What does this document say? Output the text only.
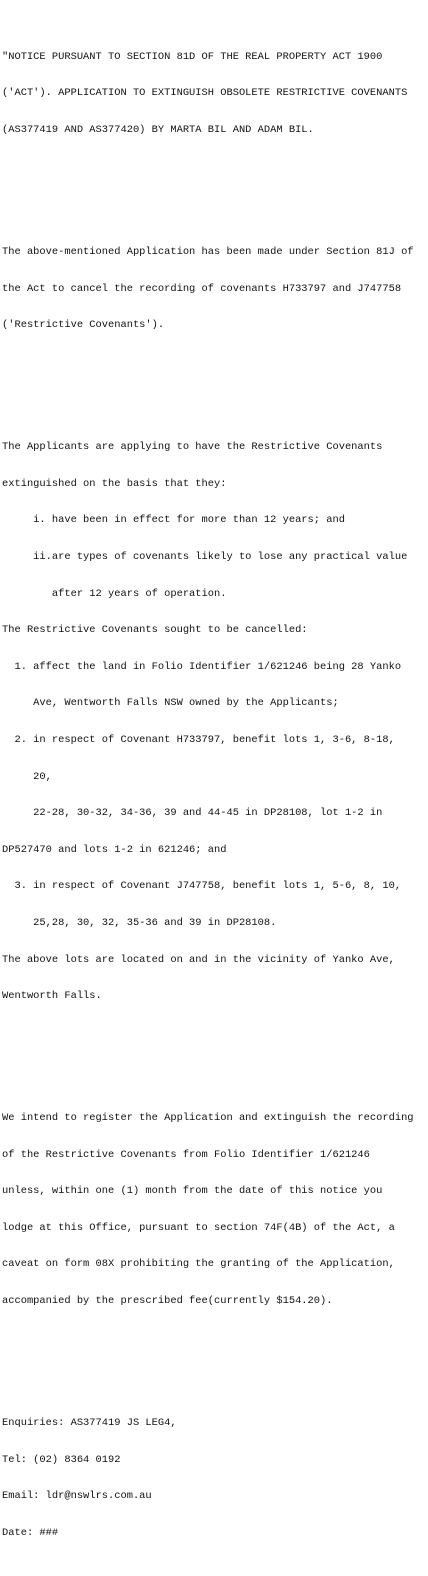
"NOTICE PURSUANT TO SECTION 81D OF THE REAL PROPERTY ACT 1900

('ACT'). APPLICATION TO EXTINGUISH OBSOLETE RESTRICTIVE COVENANTS

(AS377419 AND AS377420) BY MARTA BIL AND ADAM BIL.

The above-mentioned Application has been made under Section 81J of

the Act to cancel the recording of covenants H733797 and J747758

('Restrictive Covenants').

The Applicants are applying to have the Restrictive Covenants

extinguished on the basis that they:

i. have been in effect for more than 12 years; and

ii.are types of covenants likely to lose any practical value

after 12 years of operation.

The Restrictive Covenants sought to be cancelled:

1. affect the land in Folio Identifier 1/621246 being 28 Yanko

Ave, Wentworth Falls NSW owned by the Applicants;

2. in respect of Covenant H733797, benefit lots 1, 3-6, 8-18,

20,

22-28, 30-32, 34-36, 39 and 44-45 in DP28108, lot 1-2 in

DP527470 and lots 1-2 in 621246; and

3. in respect of Covenant J747758, benefit lots 1, 5-6, 8, 10,

25,28, 30, 32, 35-36 and 39 in DP28108.

The above lots are located on and in the vicinity of Yanko Ave,

Wentworth Falls.

We intend to register the Application and extinguish the recording

of the Restrictive Covenants from Folio Identifier 1/621246

unless, within one (1) month from the date of this notice you

lodge at this Office, pursuant to section 74F(4B) of the Act, a

caveat on form 08X prohibiting the granting of the Application,

accompanied by the prescribed fee(currently $154.20).

Enquiries: AS377419 JS LEG4,

Tel: (02) 8364 0192

Email: ldr@nswlrs.com.au

Date: ###
